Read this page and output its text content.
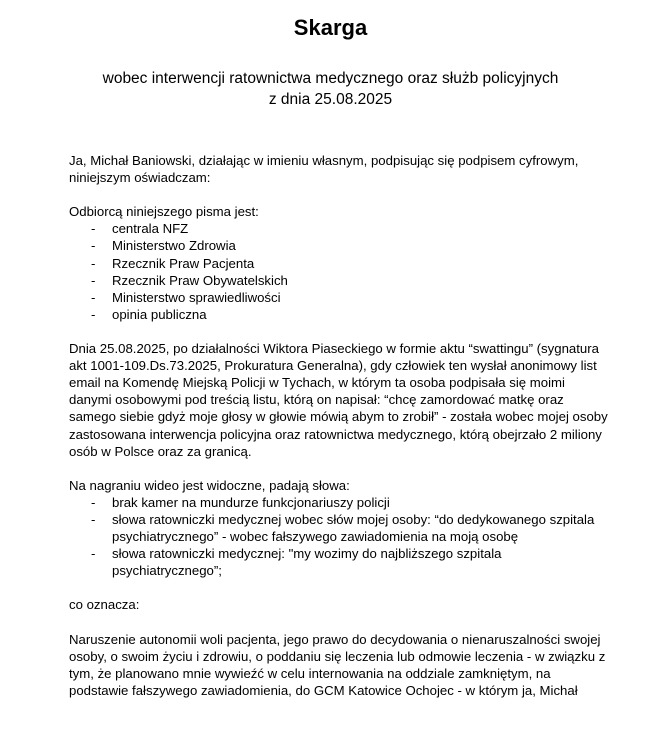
Skarga
wobec interwencji ratownictwa medycznego oraz służb policyjnych
z dnia 25.08.2025

Ja, Michał Baniowski, działając w imieniu własnym, podpisując się podpisem cyfrowym, niniejszym oświadczam:

Odbiorcą niniejszego pisma jest:

- centrala NFZ
- Ministerstwo Zdrowia
- Rzecznik Praw Pacjenta
- Rzecznik Praw Obywatelskich
- Ministerstwo sprawiedliwości
- opinia publiczna

Dnia 25.08.2025, po działalności Wiktora Piaseckiego w formie aktu “swattingu” (sygnatura akt 1001-109.Ds.73.2025, Prokuratura Generalna), gdy człowiek ten wysłał anonimowy list email na Komendę Miejską Policji w Tychach, w którym ta osoba podpisała się moimi danymi osobowymi pod treścią listu, którą on napisał: “chcę zamordować matkę oraz samego siebie gdyż moje głosy w głowie mówią abym to zrobił” - została wobec mojej osoby zastosowana interwencja policyjna oraz ratownictwa medycznego, którą obejrzało 2 miliony osób w Polsce oraz za granicą.

Na nagraniu wideo jest widoczne, padają słowa:

- brak kamer na mundurze funkcjonariuszy policji
- słowa ratowniczki medycznej wobec słów mojej osoby: “do dedykowanego szpitala psychiatrycznego” - wobec fałszywego zawiadomienia na moją osobę
- słowa ratowniczki medycznej: "my wozimy do najbliższego szpitala psychiatrycznego”;

co oznacza:

Naruszenie autonomii woli pacjenta, jego prawo do decydowania o nienaruszalności swojej osoby, o swoim życiu i zdrowiu, o poddaniu się leczenia lub odmowie leczenia - w związku z tym, że planowano mnie wywieźć w celu internowania na oddziale zamkniętym, na podstawie fałszywego zawiadomienia, do GCM Katowice Ochojec - w którym ja, Michał
